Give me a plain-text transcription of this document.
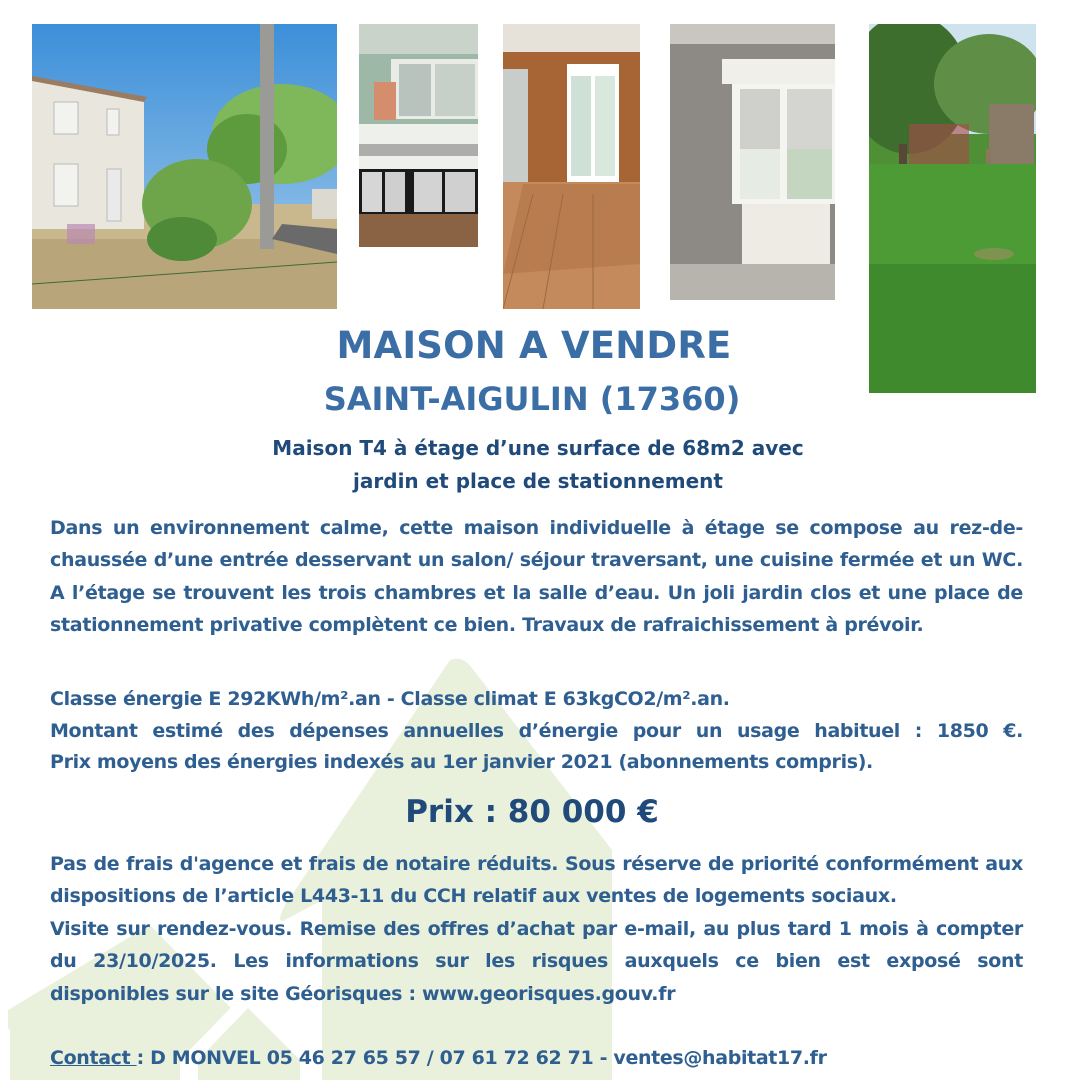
MAISON A VENDRE
SAINT-AIGULIN (17360)
Maison T4 à étage d’une surface de 68m2 avec
jardin et place de stationnement
Dans un environnement calme, cette maison individuelle à étage se compose au rez-de-chaussée d’une entrée desservant un salon/ séjour traversant, une cuisine fermée et un WC. A l’étage se trouvent les trois chambres et la salle d’eau. Un joli jardin clos et une place de stationnement privative complètent ce bien. Travaux de rafraichissement à prévoir.
Classe énergie E 292KWh/m².an - Classe climat E 63kgCO2/m².an.
Montant estimé des dépenses annuelles d’énergie pour un usage habituel : 1850 €.
Prix moyens des énergies indexés au 1er janvier 2021 (abonnements compris).
Prix : 80 000 €
Pas de frais d'agence et frais de notaire réduits. Sous réserve de priorité conformément aux dispositions de l’article L443-11 du CCH relatif aux ventes de logements sociaux.
Visite sur rendez-vous. Remise des offres d’achat par e-mail, au plus tard 1 mois à compter du 23/10/2025. Les informations sur les risques auxquels ce bien est exposé sont disponibles sur le site Géorisques : www.georisques.gouv.fr
Contact : D MONVEL 05 46 27 65 57 / 07 61 72 62 71 - ventes@habitat17.fr
